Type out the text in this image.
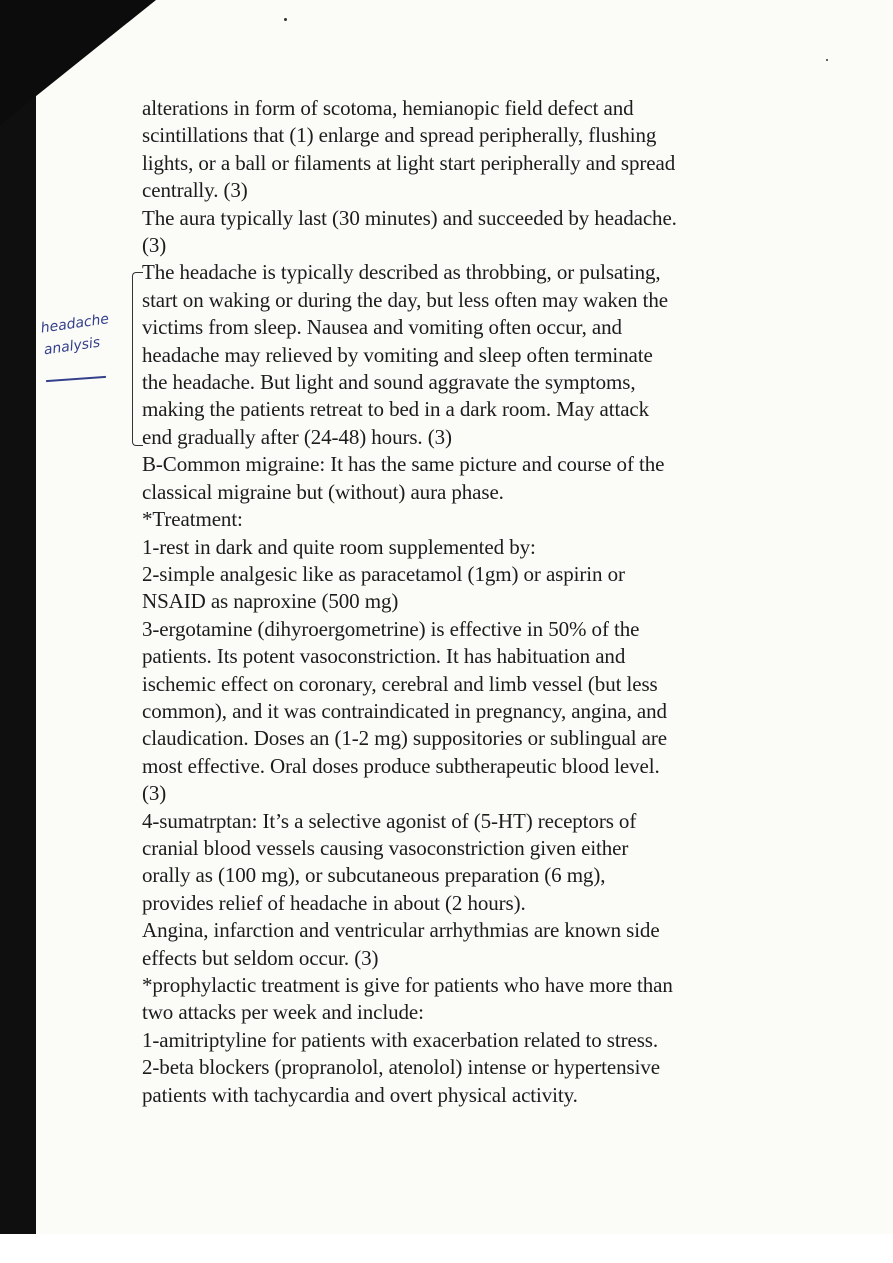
headache
analysis
alterations in form of scotoma, hemianopic field defect and
scintillations that (1) enlarge and spread peripherally, flushing
lights, or a ball or filaments at light start peripherally and spread
centrally. (3)
The aura typically last (30 minutes) and succeeded by headache.
(3)
The headache is typically described as throbbing, or pulsating,
start on waking or during the day, but less often may waken the
victims from sleep. Nausea and vomiting often occur, and
headache may relieved by vomiting and sleep often terminate
the headache. But light and sound aggravate the symptoms,
making the patients retreat to bed in a dark room. May attack
end gradually after (24-48) hours. (3)
B-Common migraine: It has the same picture and course of the
classical migraine but (without) aura phase.
*Treatment:
1-rest in dark and quite room supplemented by:
2-simple analgesic like as paracetamol (1gm) or aspirin or
NSAID as naproxine (500 mg)
3-ergotamine (dihyroergometrine) is effective in 50% of the
patients. Its potent vasoconstriction. It has habituation and
ischemic effect on coronary, cerebral and limb vessel (but less
common), and it was contraindicated in pregnancy, angina, and
claudication. Doses an (1-2 mg) suppositories or sublingual are
most effective. Oral doses produce subtherapeutic blood level.
(3)
4-sumatrptan: It’s a selective agonist of (5-HT) receptors of
cranial blood vessels causing vasoconstriction given either
orally as (100 mg), or subcutaneous preparation (6 mg),
provides relief of headache in about (2 hours).
Angina, infarction and ventricular arrhythmias are known side
effects but seldom occur. (3)
*prophylactic treatment is give for patients who have more than
two attacks per week and include:
1-amitriptyline for patients with exacerbation related to stress.
2-beta blockers (propranolol, atenolol) intense or hypertensive
patients with tachycardia and overt physical activity.
